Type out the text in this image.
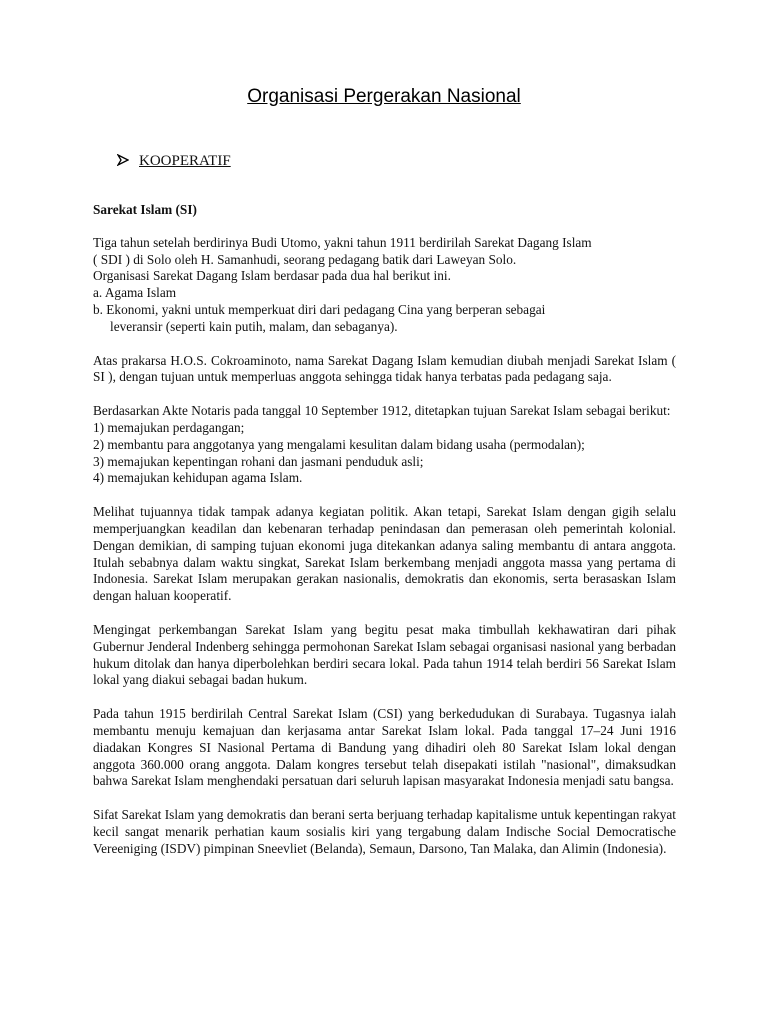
Organisasi Pergerakan Nasional
KOOPERATIF

Sarekat Islam (SI)

Tiga tahun setelah berdirinya Budi Utomo, yakni tahun 1911 berdirilah Sarekat Dagang Islam

( SDI ) di Solo oleh H. Samanhudi, seorang pedagang batik dari Laweyan Solo.

Organisasi Sarekat Dagang Islam berdasar pada dua hal berikut ini.

a. Agama Islam

b. Ekonomi, yakni untuk memperkuat diri dari pedagang Cina yang berperan sebagai

leveransir (seperti kain putih, malam, dan sebaganya).

Atas prakarsa H.O.S. Cokroaminoto, nama Sarekat Dagang Islam kemudian diubah menjadi Sarekat Islam ( SI ), dengan tujuan untuk memperluas anggota sehingga tidak hanya terbatas pada pedagang saja.

Berdasarkan Akte Notaris pada tanggal 10 September 1912, ditetapkan tujuan Sarekat Islam sebagai berikut:

1) memajukan perdagangan;

2) membantu para anggotanya yang mengalami kesulitan dalam bidang usaha (permodalan);

3) memajukan kepentingan rohani dan jasmani penduduk asli;

4) memajukan kehidupan agama Islam.

Melihat tujuannya tidak tampak adanya kegiatan politik. Akan tetapi, Sarekat Islam dengan gigih selalu memperjuangkan keadilan dan kebenaran terhadap penindasan dan pemerasan oleh pemerintah kolonial. Dengan demikian, di samping tujuan ekonomi juga ditekankan adanya saling membantu di antara anggota. Itulah sebabnya dalam waktu singkat, Sarekat Islam berkembang menjadi anggota massa yang pertama di Indonesia. Sarekat Islam merupakan gerakan nasionalis, demokratis dan ekonomis, serta berasaskan Islam dengan haluan kooperatif.

Mengingat perkembangan Sarekat Islam yang begitu pesat maka timbullah kekhawatiran dari pihak Gubernur Jenderal Indenberg sehingga permohonan Sarekat Islam sebagai organisasi nasional yang berbadan hukum ditolak dan hanya diperbolehkan berdiri secara lokal. Pada tahun 1914 telah berdiri 56 Sarekat Islam lokal yang diakui sebagai badan hukum.

Pada tahun 1915 berdirilah Central Sarekat Islam (CSI) yang berkedudukan di Surabaya. Tugasnya ialah membantu menuju kemajuan dan kerjasama antar Sarekat Islam lokal. Pada tanggal 17–24 Juni 1916 diadakan Kongres SI Nasional Pertama di Bandung yang dihadiri oleh 80 Sarekat Islam lokal dengan anggota 360.000 orang anggota. Dalam kongres tersebut telah disepakati istilah "nasional", dimaksudkan bahwa Sarekat Islam menghendaki persatuan dari seluruh lapisan masyarakat Indonesia menjadi satu bangsa.

Sifat Sarekat Islam yang demokratis dan berani serta berjuang terhadap kapitalisme untuk kepentingan rakyat kecil sangat menarik perhatian kaum sosialis kiri yang tergabung dalam Indische Social Democratische Vereeniging (ISDV) pimpinan Sneevliet (Belanda), Semaun, Darsono, Tan Malaka, dan Alimin (Indonesia).
